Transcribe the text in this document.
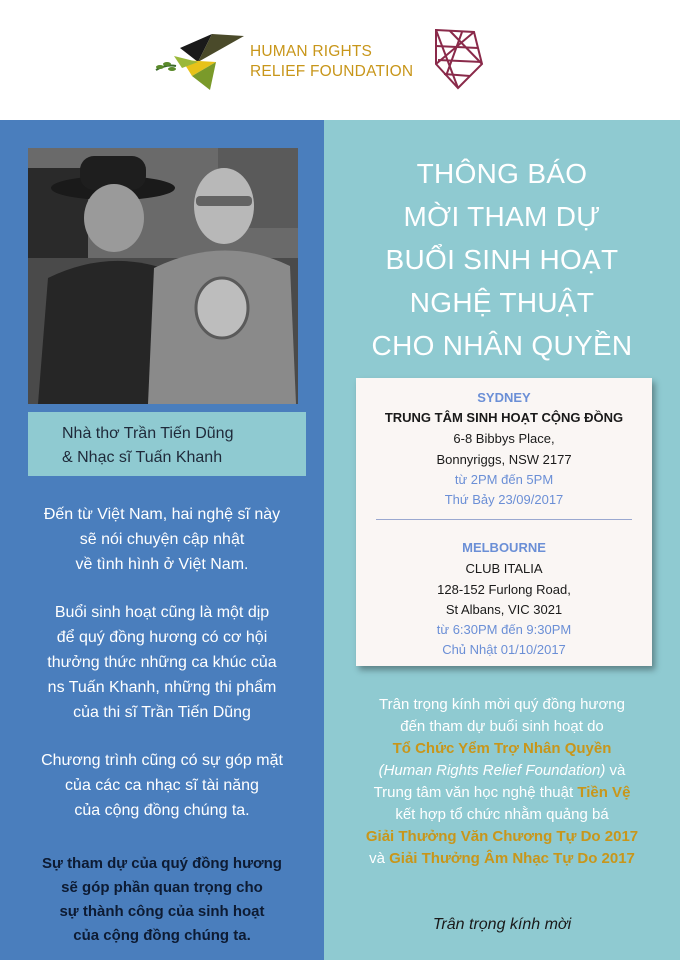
HUMAN RIGHTS
RELIEF FOUNDATION
Nhà thơ Trần Tiến Dũng
& Nhạc sĩ Tuấn Khanh
Đến từ Việt Nam, hai nghệ sĩ này
sẽ nói chuyện cập nhật
về tình hình ở Việt Nam.
Buổi sinh hoạt cũng là một dịp
để quý đồng hương có cơ hội
thưởng thức những ca khúc của
ns Tuấn Khanh, những thi phẩm
của thi sĩ Trần Tiến Dũng
Chương trình cũng có sự góp mặt
của các ca nhạc sĩ tài năng
của cộng đồng chúng ta.
Sự tham dự của quý đồng hương
sẽ góp phần quan trọng cho
sự thành công của sinh hoạt
của cộng đồng chúng ta.
THÔNG BÁO
MỜI THAM DỰ
BUỔI SINH HOẠT
NGHỆ THUẬT
CHO NHÂN QUYỀN
SYDNEY
TRUNG TÂM SINH HOẠT CỘNG ĐỒNG
6-8 Bibbys Place,
Bonnyriggs, NSW 2177
từ 2PM đến 5PM
Thứ Bảy 23/09/2017
MELBOURNE
CLUB ITALIA
128-152 Furlong Road,
St Albans, VIC 3021
từ 6:30PM đến 9:30PM
Chủ Nhật 01/10/2017
Trân trọng kính mời quý đồng hương
đến tham dự buổi sinh hoạt do
Tổ Chức Yểm Trợ Nhân Quyền
(Human Rights Relief Foundation) và
Trung tâm văn học nghệ thuật Tiền Vệ
kết hợp tổ chức nhằm quảng bá
Giải Thưởng Văn Chương Tự Do 2017
và Giải Thưởng Âm Nhạc Tự Do 2017
Trân trọng kính mời
